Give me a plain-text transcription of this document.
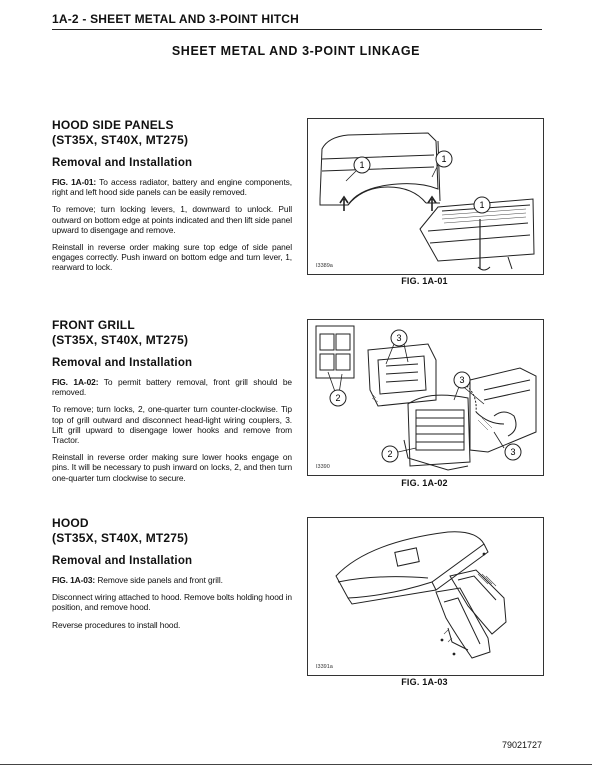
1A-2 - SHEET METAL AND 3-POINT HITCH
SHEET METAL AND 3-POINT LINKAGE
HOOD SIDE PANELS
(ST35X, ST40X, MT275)
Removal and Installation

FIG. 1A-01: To access radiator, battery and engine components, right and left hood side panels can be easily removed.

To remove; turn locking levers, 1, downward to unlock. Pull outward on bottom edge at points indicated and then lift side panel upward to disengage and remove.

Reinstall in reverse order making sure top edge of side panel engages correctly. Push inward on bottom edge and turn lever, 1, rearward to lock.

FRONT GRILL
(ST35X, ST40X, MT275)
Removal and Installation

FIG. 1A-02: To permit battery removal, front grill should be removed.

To remove; turn locks, 2, one-quarter turn counter-clockwise. Tip top of grill outward and disconnect head-light wiring couplers, 3. Lift grill upward to disengage lower hooks and remove from Tractor.

Reinstall in reverse order making sure lower hooks engage on pins. It will be necessary to push inward on locks, 2, and then turn one-quarter turn clockwise to secure.

HOOD
(ST35X, ST40X, MT275)
Removal and Installation

FIG. 1A-03: Remove side panels and front grill.

Disconnect wiring attached to hood. Remove bolts holding hood in position, and remove hood.

Reverse procedures to install hood.

1
1
1
I3389a
FIG. 1A-01
3
3
2
2	3
I3390
FIG. 1A-02
I3391a
FIG. 1A-03
79021727
